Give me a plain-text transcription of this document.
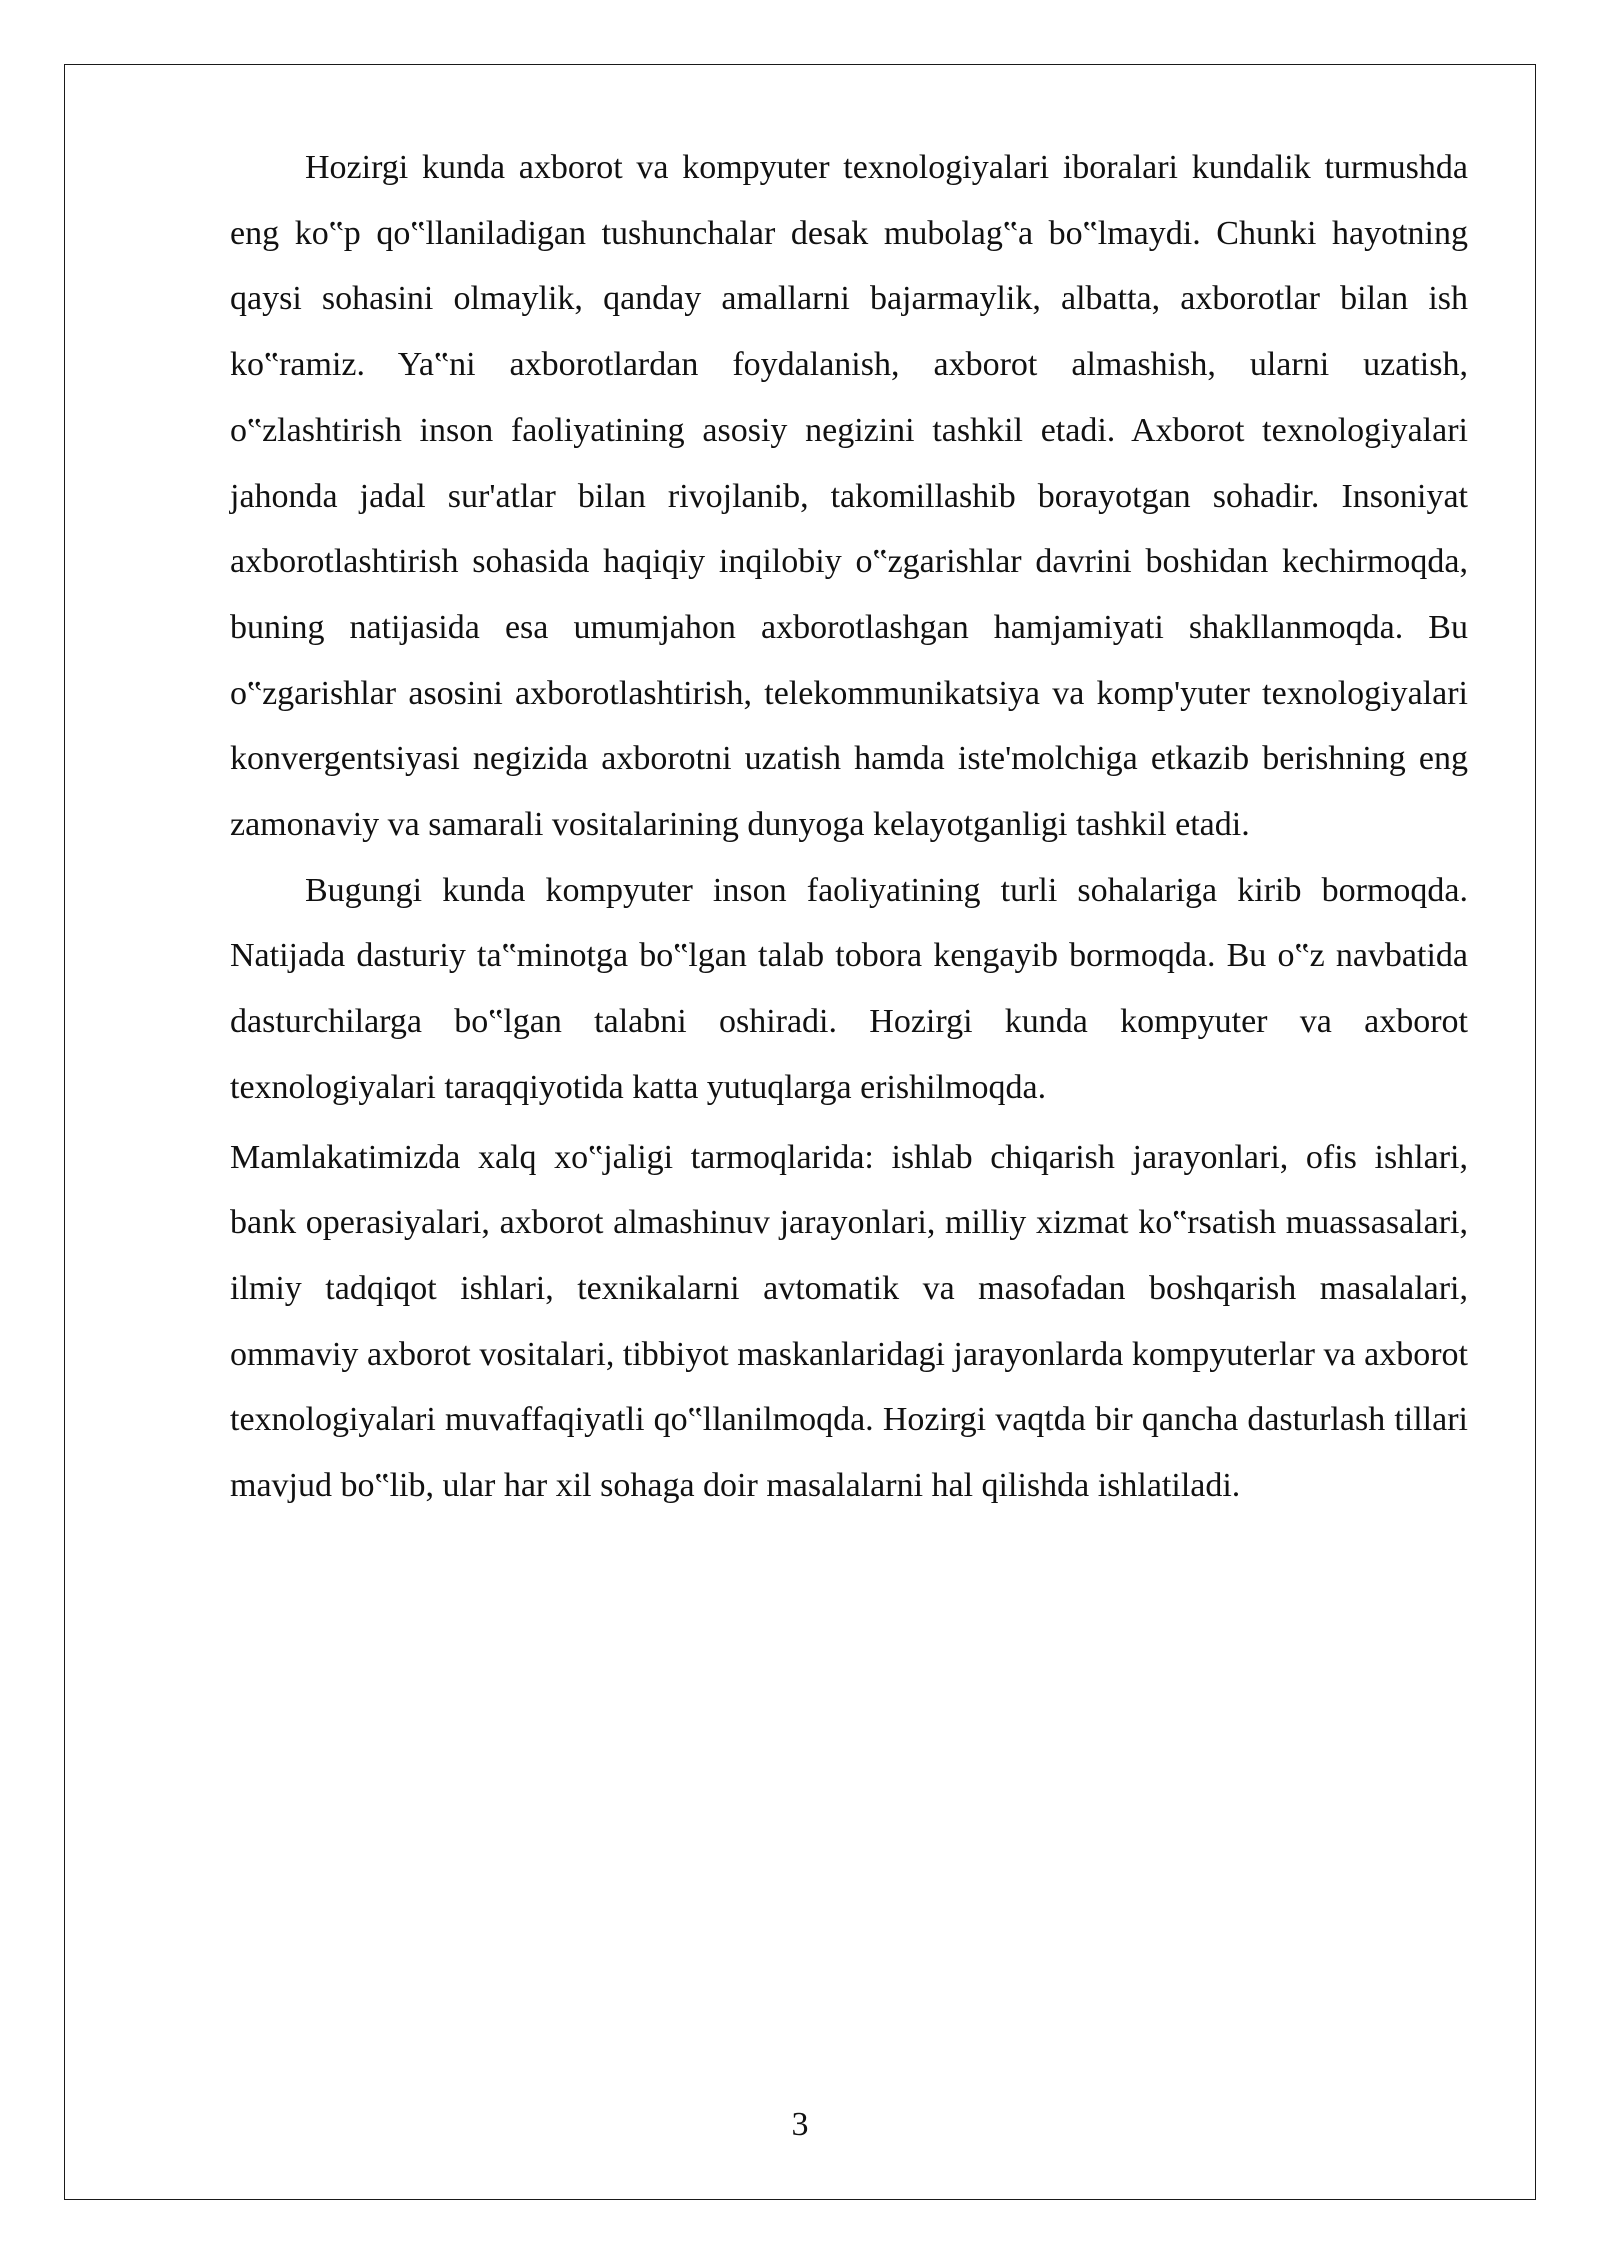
Hozirgi kunda axborot va kompyuter texnologiyalari iboralari kundalik turmushda eng ko‟p qo‟llaniladigan tushunchalar desak mubolag‟a bo‟lmaydi. Chunki hayotning qaysi sohasini olmaylik, qanday amallarni bajarmaylik, albatta, axborotlar bilan ish ko‟ramiz. Ya‟ni axborotlardan foydalanish, axborot almashish, ularni uzatish, o‟zlashtirish inson faoliyatining asosiy negizini tashkil etadi. Axborot texnologiyalari jahonda jadal sur'atlar bilan rivojlanib, takomillashib borayotgan sohadir. Insoniyat axborotlashtirish sohasida haqiqiy inqilobiy o‟zgarishlar davrini boshidan kechirmoqda, buning natijasida esa umumjahon axborotlashgan hamjamiyati shakllanmoqda. Bu o‟zgarishlar asosini axborotlashtirish, telekommunikatsiya va komp'yuter texnologiyalari konvergentsiyasi negizida axborotni uzatish hamda iste'molchiga etkazib berishning eng zamonaviy va samarali vositalarining dunyoga kelayotganligi tashkil etadi.

Bugungi kunda kompyuter inson faoliyatining turli sohalariga kirib bormoqda. Natijada dasturiy ta‟minotga bo‟lgan talab tobora kengayib bormoqda. Bu o‟z navbatida dasturchilarga bo‟lgan talabni oshiradi. Hozirgi kunda kompyuter va axborot texnologiyalari taraqqiyotida katta yutuqlarga erishilmoqda.

Mamlakatimizda xalq xo‟jaligi tarmoqlarida: ishlab chiqarish jarayonlari, ofis ishlari, bank operasiyalari, axborot almashinuv jarayonlari, milliy xizmat ko‟rsatish muassasalari, ilmiy tadqiqot ishlari, texnikalarni avtomatik va masofadan boshqarish masalalari, ommaviy axborot vositalari, tibbiyot maskanlaridagi jarayonlarda kompyuterlar va axborot texnologiyalari muvaffaqiyatli qo‟llanilmoqda. Hozirgi vaqtda bir qancha dasturlash tillari mavjud bo‟lib, ular har xil sohaga doir masalalarni hal qilishda ishlatiladi.

3
